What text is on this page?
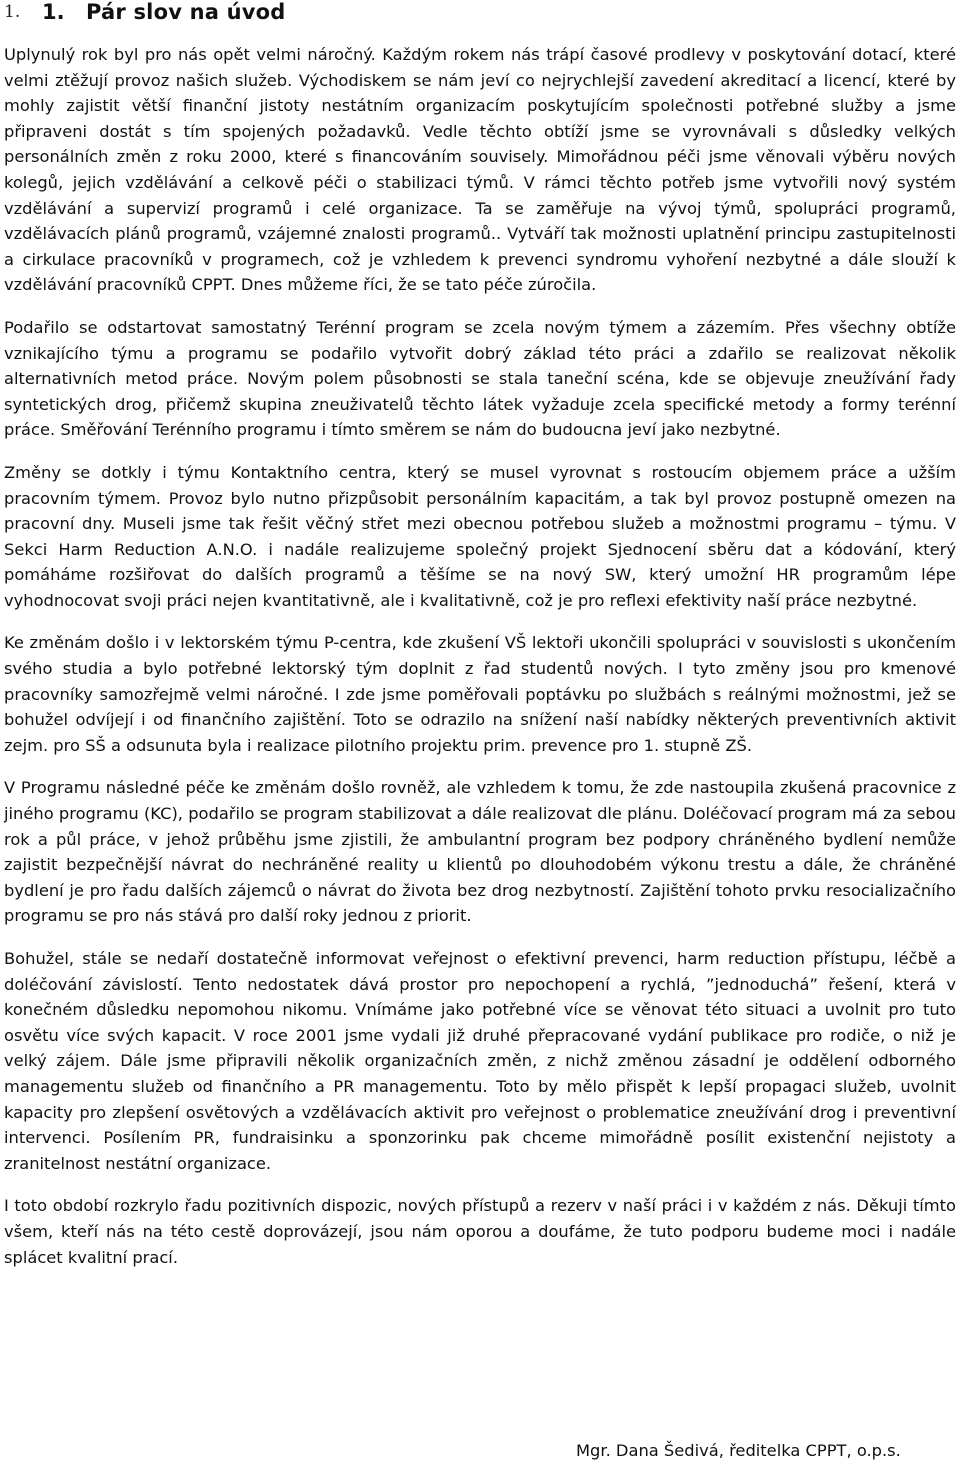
1. 1. Pár slov na úvod

Uplynulý rok byl pro nás opět velmi náročný. Každým rokem nás trápí časové prodlevy v poskytování dotací, které velmi ztěžují provoz našich služeb. Východiskem se nám jeví co nejrychlejší zavedení akreditací a licencí, které by mohly zajistit větší finanční jistoty nestátním organizacím poskytujícím společnosti potřebné služby a jsme připraveni dostát s tím spojených požadavků. Vedle těchto obtíží jsme se vyrovnávali s důsledky velkých personálních změn z roku 2000, které s financováním souvisely. Mimořádnou péči jsme věnovali výběru nových kolegů, jejich vzdělávání a celkově péči o stabilizaci týmů. V rámci těchto potřeb jsme vytvořili nový systém vzdělávání a supervizí programů i celé organizace. Ta se zaměřuje na vývoj týmů, spolupráci programů, vzdělávacích plánů programů, vzájemné znalosti programů.. Vytváří tak možnosti uplatnění principu zastupitelnosti a cirkulace pracovníků v programech, což je vzhledem k prevenci syndromu vyhoření nezbytné a dále slouží k vzdělávání pracovníků CPPT. Dnes můžeme říci, že se tato péče zúročila.

Podařilo se odstartovat samostatný Terénní program se zcela novým týmem a zázemím. Přes všechny obtíže vznikajícího týmu a programu se podařilo vytvořit dobrý základ této práci a zdařilo se realizovat několik alternativních metod práce. Novým polem působnosti se stala taneční scéna, kde se objevuje zneužívání řady syntetických drog, přičemž skupina zneuživatelů těchto látek vyžaduje zcela specifické metody a formy terénní práce. Směřování Terénního programu i tímto směrem se nám do budoucna jeví jako nezbytné.

Změny se dotkly i týmu Kontaktního centra, který se musel vyrovnat s rostoucím objemem práce a užším pracovním týmem. Provoz bylo nutno přizpůsobit personálním kapacitám, a tak byl provoz postupně omezen na pracovní dny. Museli jsme tak řešit věčný střet mezi obecnou potřebou služeb a možnostmi programu – týmu. V Sekci Harm Reduction A.N.O. i nadále realizujeme společný projekt Sjednocení sběru dat a kódování, který pomáháme rozšiřovat do dalších programů a těšíme se na nový SW, který umožní HR programům lépe vyhodnocovat svoji práci nejen kvantitativně, ale i kvalitativně, což je pro reflexi efektivity naší práce nezbytné.

Ke změnám došlo i v lektorském týmu P-centra, kde zkušení VŠ lektoři ukončili spolupráci v souvislosti s ukončením svého studia a bylo potřebné lektorský tým doplnit z řad studentů nových. I tyto změny jsou pro kmenové pracovníky samozřejmě velmi náročné. I zde jsme poměřovali poptávku po službách s reálnými možnostmi, jež se bohužel odvíjejí i od finančního zajištění. Toto se odrazilo na snížení naší nabídky některých preventivních aktivit zejm. pro SŠ a odsunuta byla i realizace pilotního projektu prim. prevence pro 1. stupně ZŠ.

V Programu následné péče ke změnám došlo rovněž, ale vzhledem k tomu, že zde nastoupila zkušená pracovnice z jiného programu (KC), podařilo se program stabilizovat a dále realizovat dle plánu. Doléčovací program má za sebou rok a půl práce, v jehož průběhu jsme zjistili, že ambulantní program bez podpory chráněného bydlení nemůže zajistit bezpečnější návrat do nechráněné reality u klientů po dlouhodobém výkonu trestu a dále, že chráněné bydlení je pro řadu dalších zájemců o návrat do života bez drog nezbytností. Zajištění tohoto prvku resocializačního programu se pro nás stává pro další roky jednou z priorit.

Bohužel, stále se nedaří dostatečně informovat veřejnost o efektivní prevenci, harm reduction přístupu, léčbě a doléčování závislostí. Tento nedostatek dává prostor pro nepochopení a rychlá, ”jednoduchá” řešení, která v konečném důsledku nepomohou nikomu. Vnímáme jako potřebné více se věnovat této situaci a uvolnit pro tuto osvětu více svých kapacit. V roce 2001 jsme vydali již druhé přepracované vydání publikace pro rodiče, o niž je velký zájem. Dále jsme připravili několik organizačních změn, z nichž změnou zásadní je oddělení odborného managementu služeb od finančního a PR managementu. Toto by mělo přispět k lepší propagaci služeb, uvolnit kapacity pro zlepšení osvětových a vzdělávacích aktivit pro veřejnost o problematice zneužívání drog i preventivní intervenci. Posílením PR, fundraisinku a sponzorinku pak chceme mimořádně posílit existenční nejistoty a zranitelnost nestátní organizace.

I toto období rozkrylo řadu pozitivních dispozic, nových přístupů a rezerv v naší práci i v každém z nás. Děkuji tímto všem, kteří nás na této cestě doprovázejí, jsou nám oporou a doufáme, že tuto podporu budeme moci i nadále splácet kvalitní prací.

Mgr. Dana Šedivá, ředitelka CPPT, o.p.s.
